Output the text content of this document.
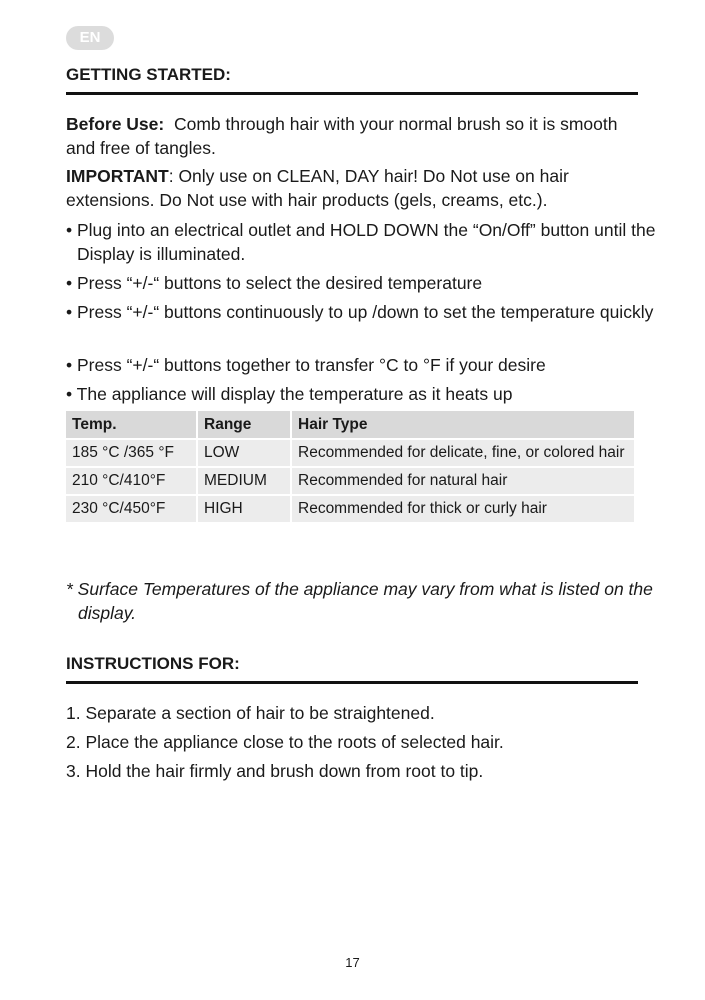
EN
GETTING STARTED:
Before Use: Comb through hair with your normal brush so it is smooth and free of tangles.
IMPORTANT: Only use on CLEAN, DAY hair! Do Not use on hair extensions. Do Not use with hair products (gels, creams, etc.).
• Plug into an electrical outlet and HOLD DOWN the “On/Off” button until the Display is illuminated.
• Press “+/-“ buttons to select the desired temperature
• Press “+/-“ buttons continuously to up /down to set the temperature quickly
• Press “+/-“ buttons together to transfer °C to °F if your desire
• The appliance will display the temperature as it heats up
Temp.	Range	Hair Type
185 °C /365 °F	LOW	Recommended for delicate, fine, or colored hair
210 °C/410°F	MEDIUM	Recommended for natural hair
230 °C/450°F	HIGH	Recommended for thick or curly hair
* Surface Temperatures of the appliance may vary from what is listed on the display.
INSTRUCTIONS FOR:
1. Separate a section of hair to be straightened.
2. Place the appliance close to the roots of selected hair.
3. Hold the hair firmly and brush down from root to tip.
17
